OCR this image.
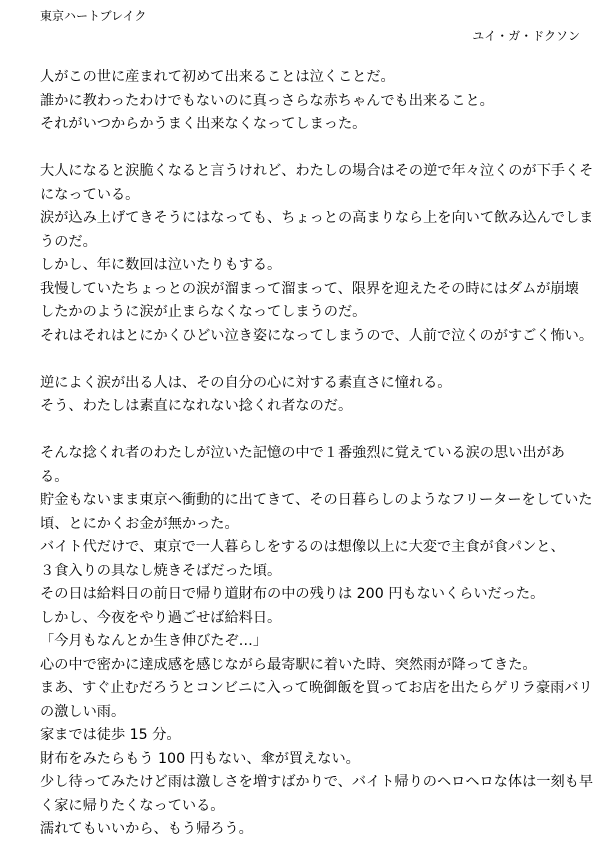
東京ハートブレイク
ユイ・ガ・ドクソン
人がこの世に産まれて初めて出来ることは泣くことだ。
誰かに教わったわけでもないのに真っさらな赤ちゃんでも出来ること。
それがいつからかうまく出来なくなってしまった。
大人になると涙脆くなると言うけれど、わたしの場合はその逆で年々泣くのが下手くそ
になっている。
涙が込み上げてきそうにはなっても、ちょっとの高まりなら上を向いて飲み込んでしま
うのだ。
しかし、年に数回は泣いたりもする。
我慢していたちょっとの涙が溜まって溜まって、限界を迎えたその時にはダムが崩壊
したかのように涙が止まらなくなってしまうのだ。
それはそれはとにかくひどい泣き姿になってしまうので、人前で泣くのがすごく怖い。
逆によく涙が出る人は、その自分の心に対する素直さに憧れる。
そう、わたしは素直になれない捻くれ者なのだ。
そんな捻くれ者のわたしが泣いた記憶の中で１番強烈に覚えている涙の思い出があ
る。
貯金もないまま東京へ衝動的に出てきて、その日暮らしのようなフリーターをしていた
頃、とにかくお金が無かった。
バイト代だけで、東京で一人暮らしをするのは想像以上に大変で主食が食パンと、
３食入りの具なし焼きそばだった頃。
その日は給料日の前日で帰り道財布の中の残りは 200 円もないくらいだった。
しかし、今夜をやり過ごせば給料日。
「今月もなんとか生き伸びたぞ…」
心の中で密かに達成感を感じながら最寄駅に着いた時、突然雨が降ってきた。
まあ、すぐ止むだろうとコンビニに入って晩御飯を買ってお店を出たらゲリラ豪雨バリ
の激しい雨。
家までは徒歩 15 分。
財布をみたらもう 100 円もない、傘が買えない。
少し待ってみたけど雨は激しさを増すばかりで、バイト帰りのヘロヘロな体は一刻も早
く家に帰りたくなっている。
濡れてもいいから、もう帰ろう。
